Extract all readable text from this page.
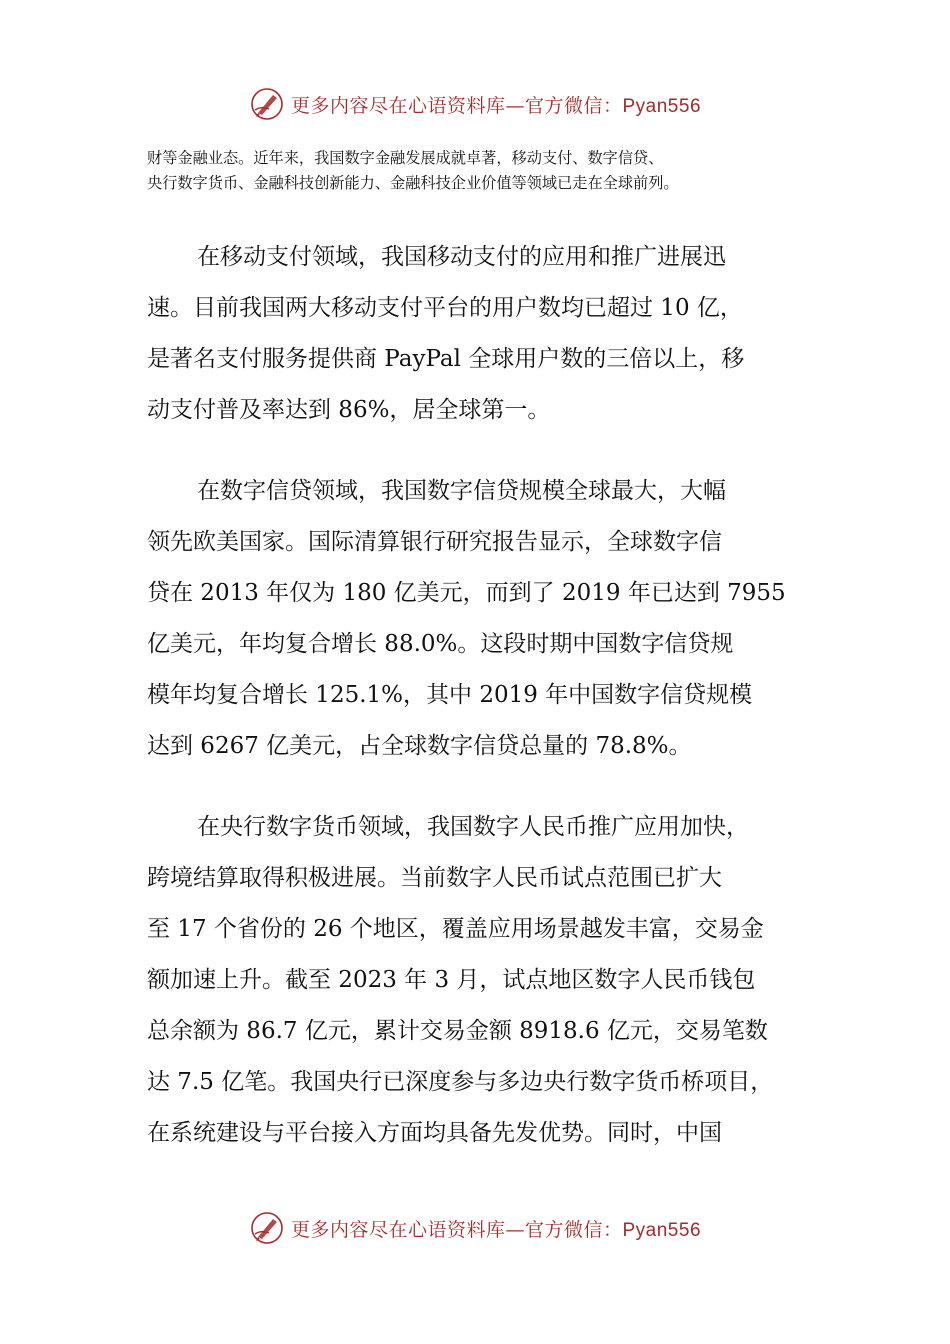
更多内容尽在心语资料库—官方微信：Pyan556
财等金融业态。近年来，我国数字金融发展成就卓著，移动支付、数字信贷、
央行数字货币、金融科技创新能力、金融科技企业价值等领域已走在全球前列。
在移动支付领域，我国移动支付的应用和推广进展迅
速。目前我国两大移动支付平台的用户数均已超过 10 亿，
是著名支付服务提供商 PayPal 全球用户数的三倍以上，移
动支付普及率达到 86%，居全球第一。
在数字信贷领域，我国数字信贷规模全球最大，大幅
领先欧美国家。国际清算银行研究报告显示，全球数字信
贷在 2013 年仅为 180 亿美元，而到了 2019 年已达到 7955
亿美元，年均复合增长 88.0%。这段时期中国数字信贷规
模年均复合增长 125.1%，其中 2019 年中国数字信贷规模
达到 6267 亿美元，占全球数字信贷总量的 78.8%。
在央行数字货币领域，我国数字人民币推广应用加快，
跨境结算取得积极进展。当前数字人民币试点范围已扩大
至 17 个省份的 26 个地区，覆盖应用场景越发丰富，交易金
额加速上升。截至 2023 年 3 月，试点地区数字人民币钱包
总余额为 86.7 亿元，累计交易金额 8918.6 亿元，交易笔数
达 7.5 亿笔。我国央行已深度参与多边央行数字货币桥项目，
在系统建设与平台接入方面均具备先发优势。同时，中国
更多内容尽在心语资料库—官方微信：Pyan556
